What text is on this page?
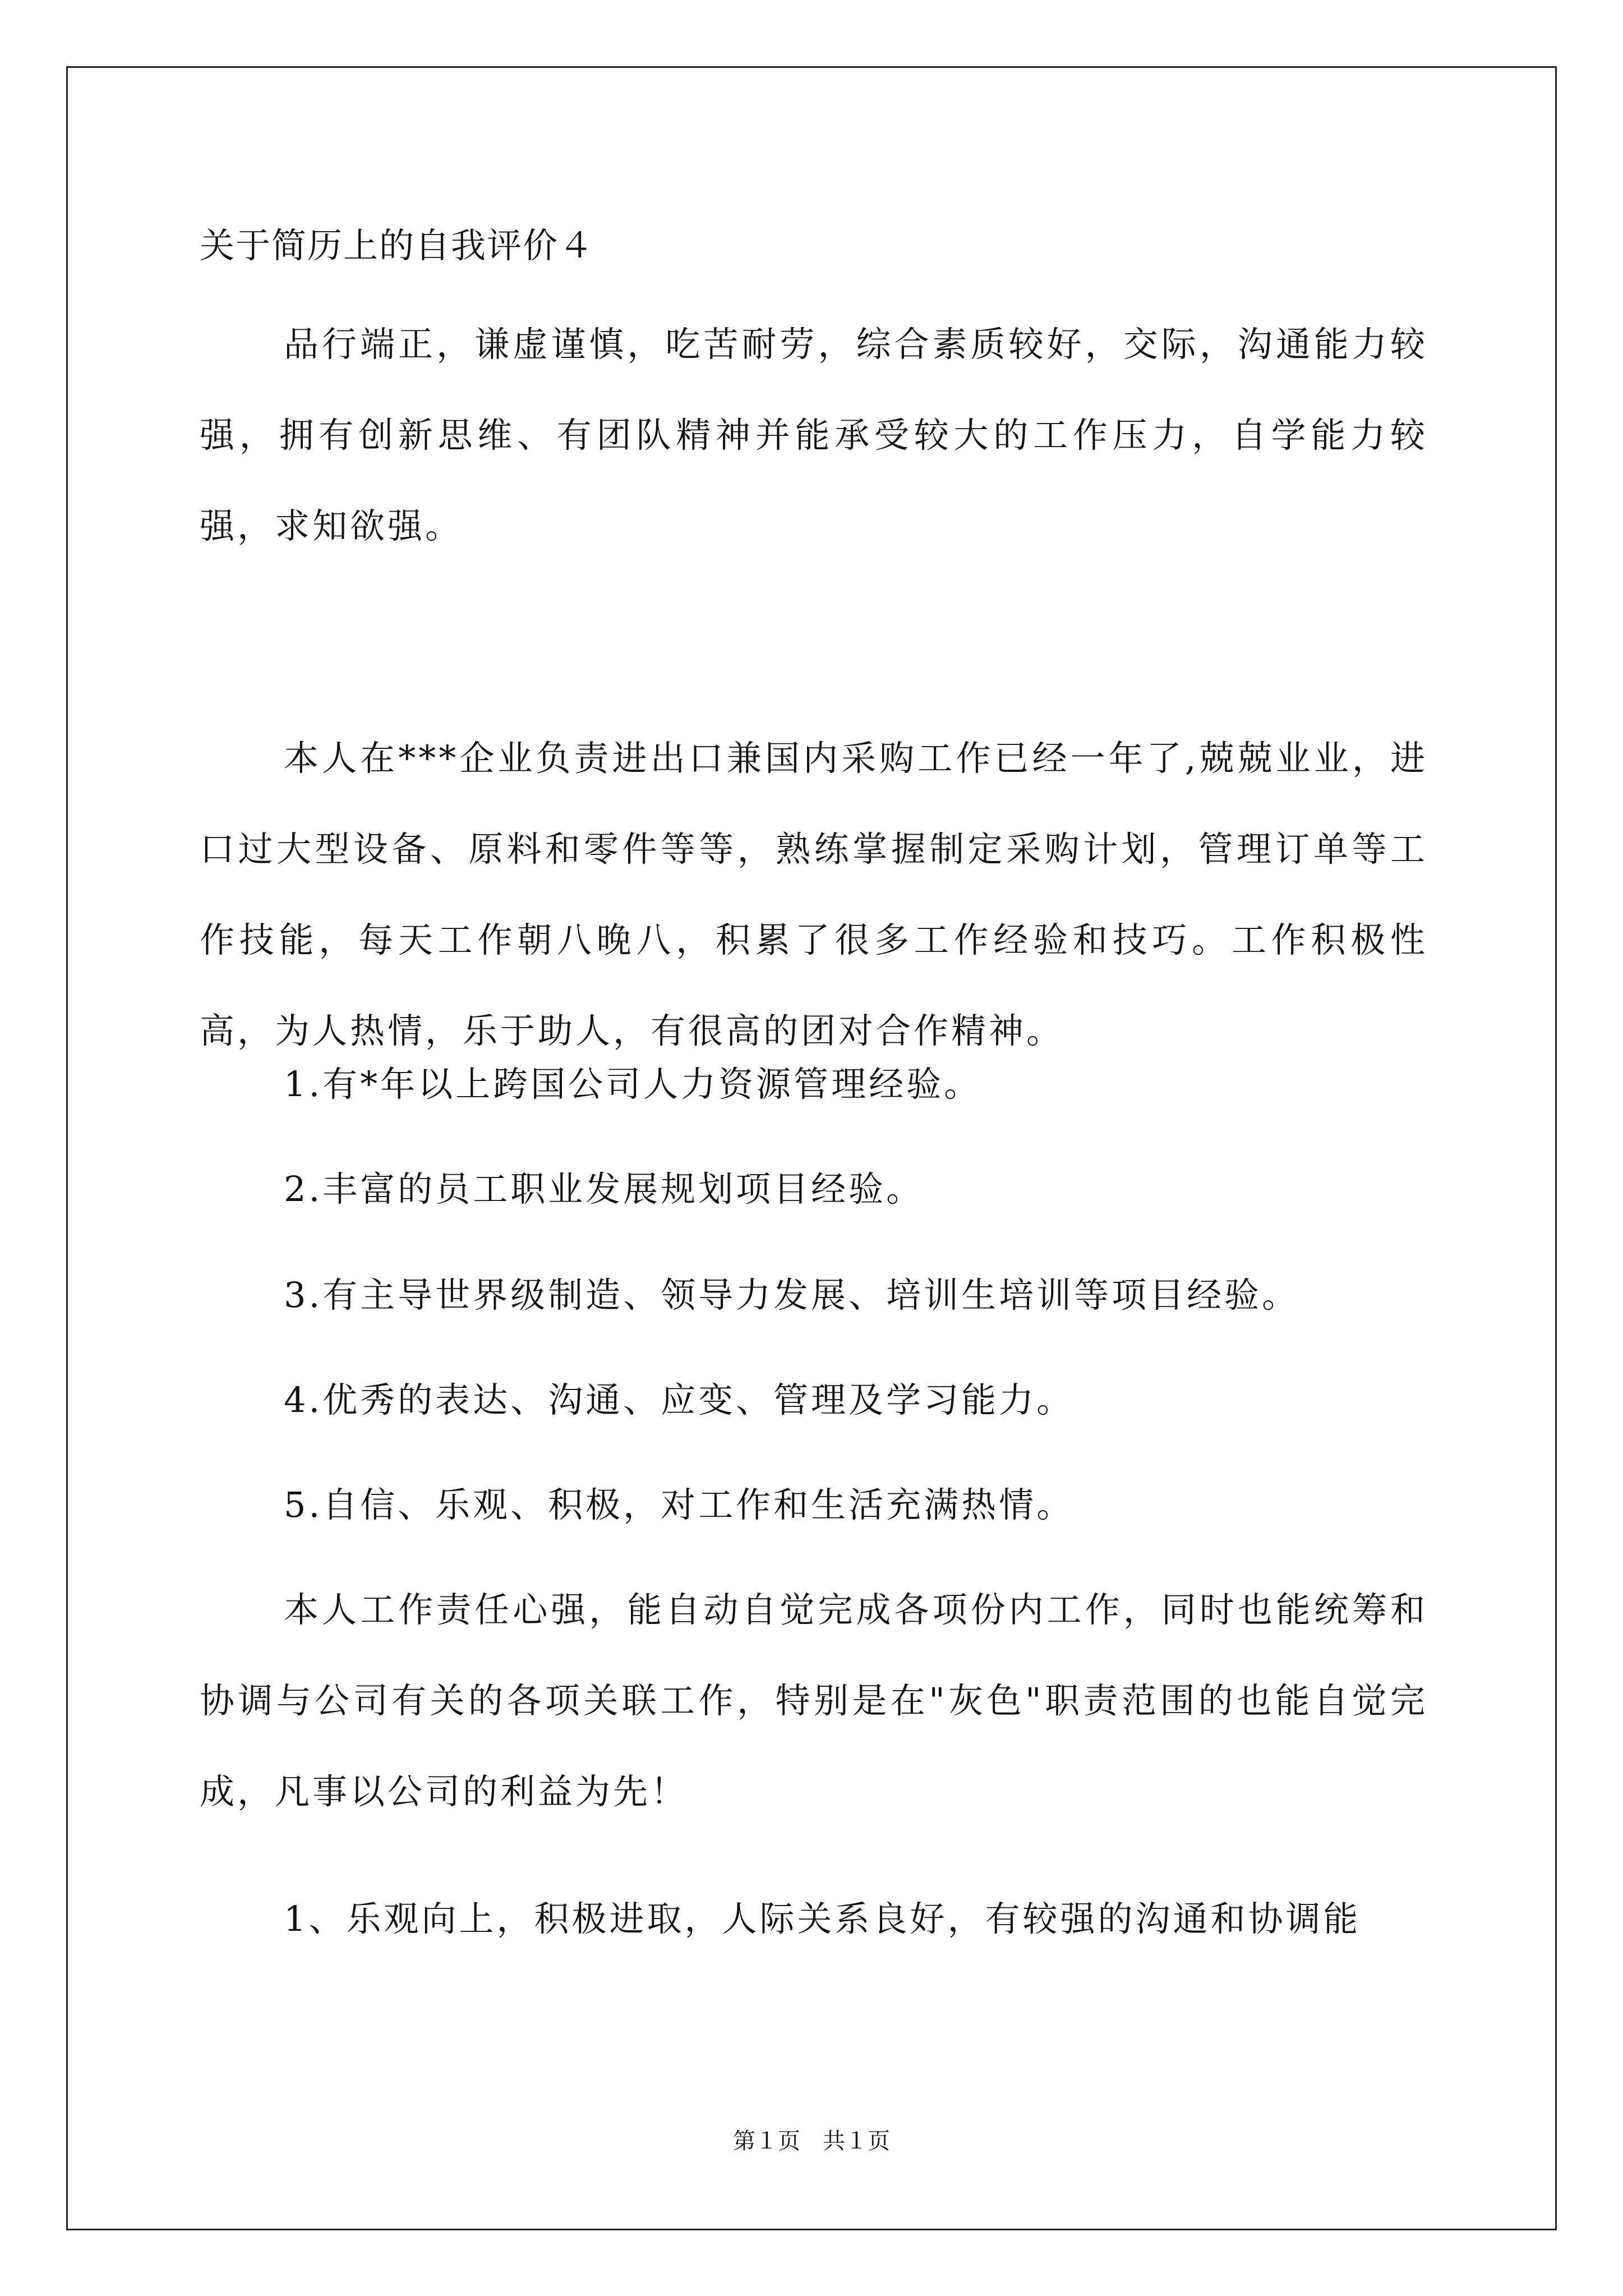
关于简历上的自我评价４

品行端正，谦虚谨慎，吃苦耐劳，综合素质较好，交际，沟通能力较强，拥有创新思维、有团队精神并能承受较大的工作压力，自学能力较强，求知欲强。

本人在***企业负责进出口兼国内采购工作已经一年了,兢兢业业，进口过大型设备、原料和零件等等，熟练掌握制定采购计划，管理订单等工作技能，每天工作朝八晚八，积累了很多工作经验和技巧。工作积极性高，为人热情，乐于助人，有很高的团对合作精神。

1.有*年以上跨国公司人力资源管理经验。

2.丰富的员工职业发展规划项目经验。

3.有主导世界级制造、领导力发展、培训生培训等项目经验。

4.优秀的表达、沟通、应变、管理及学习能力。

5.自信、乐观、积极，对工作和生活充满热情。

本人工作责任心强，能自动自觉完成各项份内工作，同时也能统筹和协调与公司有关的各项关联工作，特别是在"灰色"职责范围的也能自觉完成，凡事以公司的利益为先！

1、乐观向上，积极进取，人际关系良好，有较强的沟通和协调能

第１页　共１页
